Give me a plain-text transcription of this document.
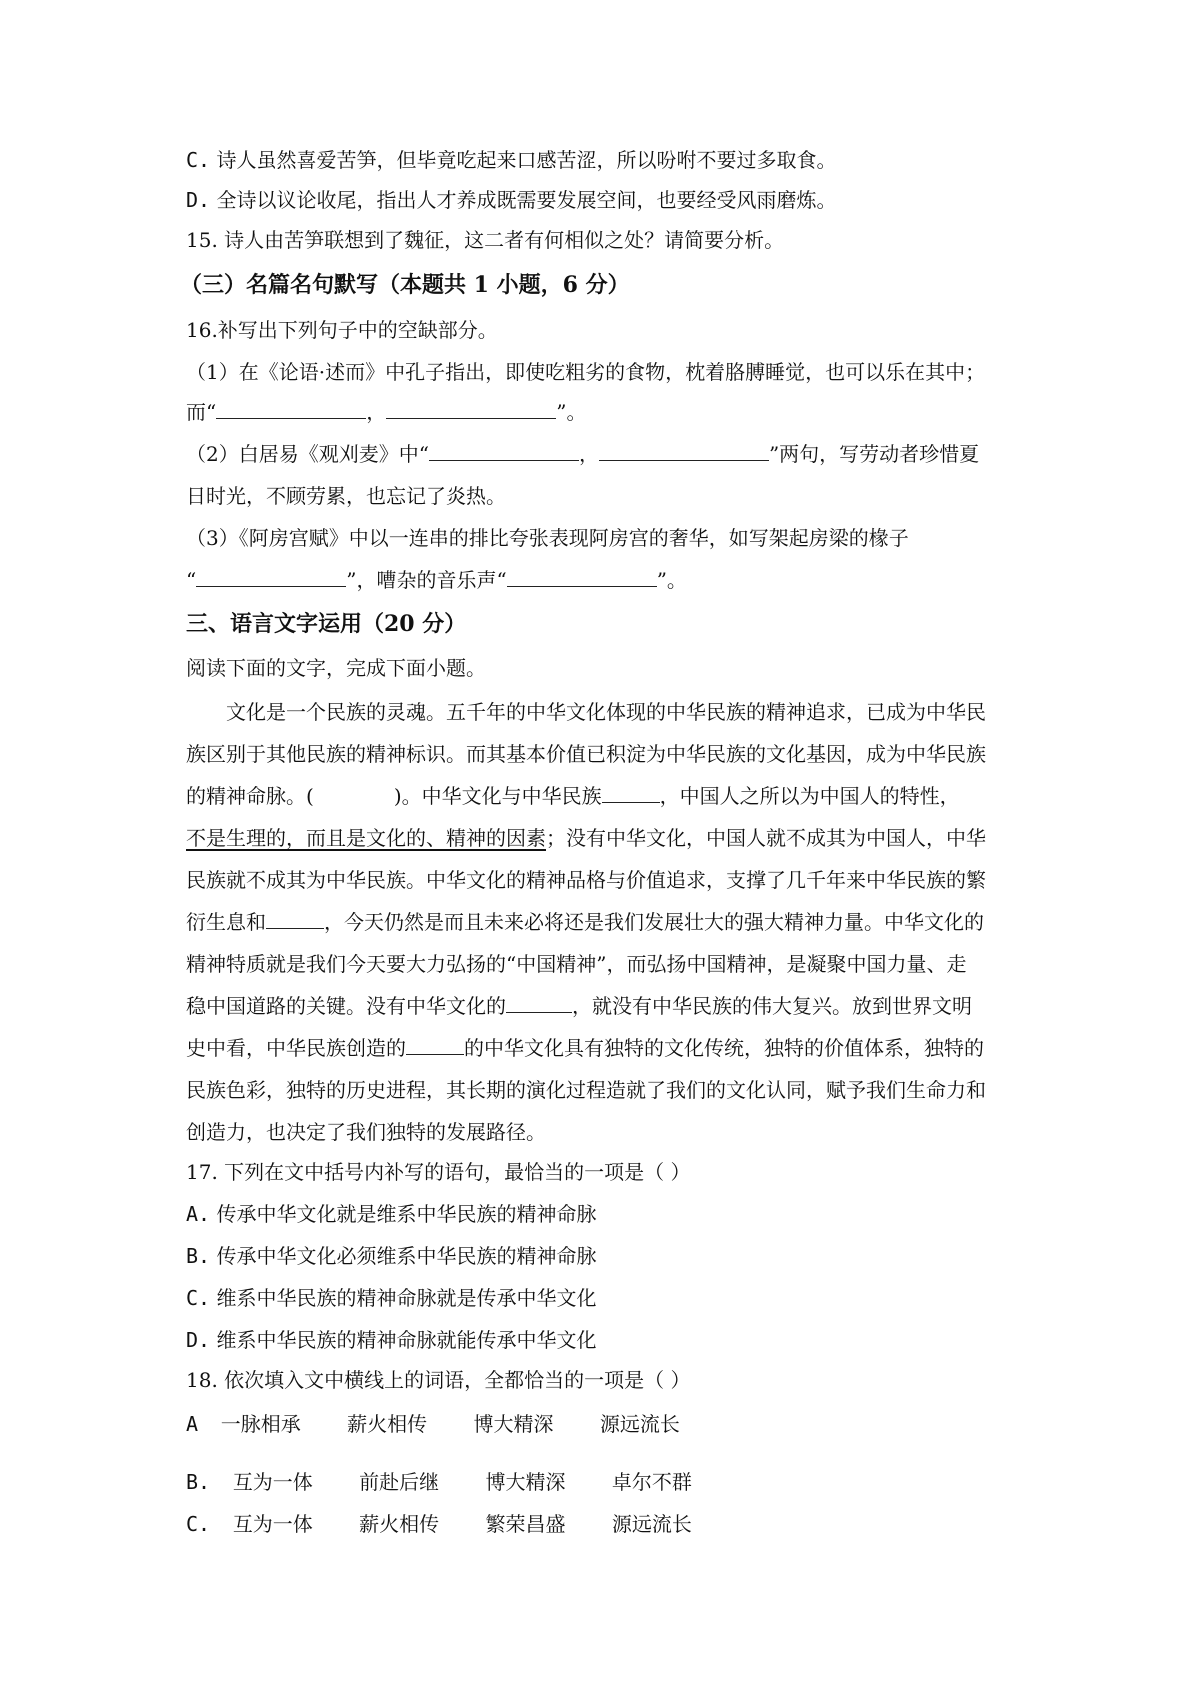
C. 诗人虽然喜爱苦笋，但毕竟吃起来口感苦涩，所以吩咐不要过多取食。
D. 全诗以议论收尾，指出人才养成既需要发展空间，也要经受风雨磨炼。
15. 诗人由苦笋联想到了魏征，这二者有何相似之处？请简要分析。
（三）名篇名句默写（本题共 1 小题，6 分）
16.补写出下列句子中的空缺部分。
（1）在《论语·述而》中孔子指出，即使吃粗劣的食物，枕着胳膊睡觉，也可以乐在其中；
而“	，	”。
（2）白居易《观刈麦》中“	，	”两句，写劳动者珍惜夏
日时光，不顾劳累，也忘记了炎热。
（3）《阿房宫赋》中以一连串的排比夸张表现阿房宫的奢华，如写架起房梁的椽子
“	”，嘈杂的音乐声“	”。
三、语言文字运用（20 分）
阅读下面的文字，完成下面小题。
文化是一个民族的灵魂。五千年的中华文化体现的中华民族的精神追求，已成为中华民
族区别于其他民族的精神标识。而其基本价值已积淀为中华民族的文化基因，成为中华民族
的精神命脉。(	)。中华文化与中华民族	，中国人之所以为中国人的特性，
不是生理的，而且是文化的、精神的因素；没有中华文化，中国人就不成其为中国人，中华
民族就不成其为中华民族。中华文化的精神品格与价值追求，支撑了几千年来中华民族的繁
衍生息和	，今天仍然是而且未来必将还是我们发展壮大的强大精神力量。中华文化的
精神特质就是我们今天要大力弘扬的“中国精神”，而弘扬中国精神，是凝聚中国力量、走
稳中国道路的关键。没有中华文化的	，就没有中华民族的伟大复兴。放到世界文明
史中看，中华民族创造的	的中华文化具有独特的文化传统，独特的价值体系，独特的
民族色彩，独特的历史进程，其长期的演化过程造就了我们的文化认同，赋予我们生命力和
创造力，也决定了我们独特的发展路径。
17. 下列在文中括号内补写的语句，最恰当的一项是（ ）
A. 传承中华文化就是维系中华民族的精神命脉
B. 传承中华文化必须维系中华民族的精神命脉
C. 维系中华民族的精神命脉就是传承中华文化
D. 维系中华民族的精神命脉就能传承中华文化
18. 依次填入文中横线上的词语，全都恰当的一项是（ ）
A 一脉相承 薪火相传 博大精深 源远流长
B. 互为一体 前赴后继 博大精深 卓尔不群
C. 互为一体 薪火相传 繁荣昌盛 源远流长
